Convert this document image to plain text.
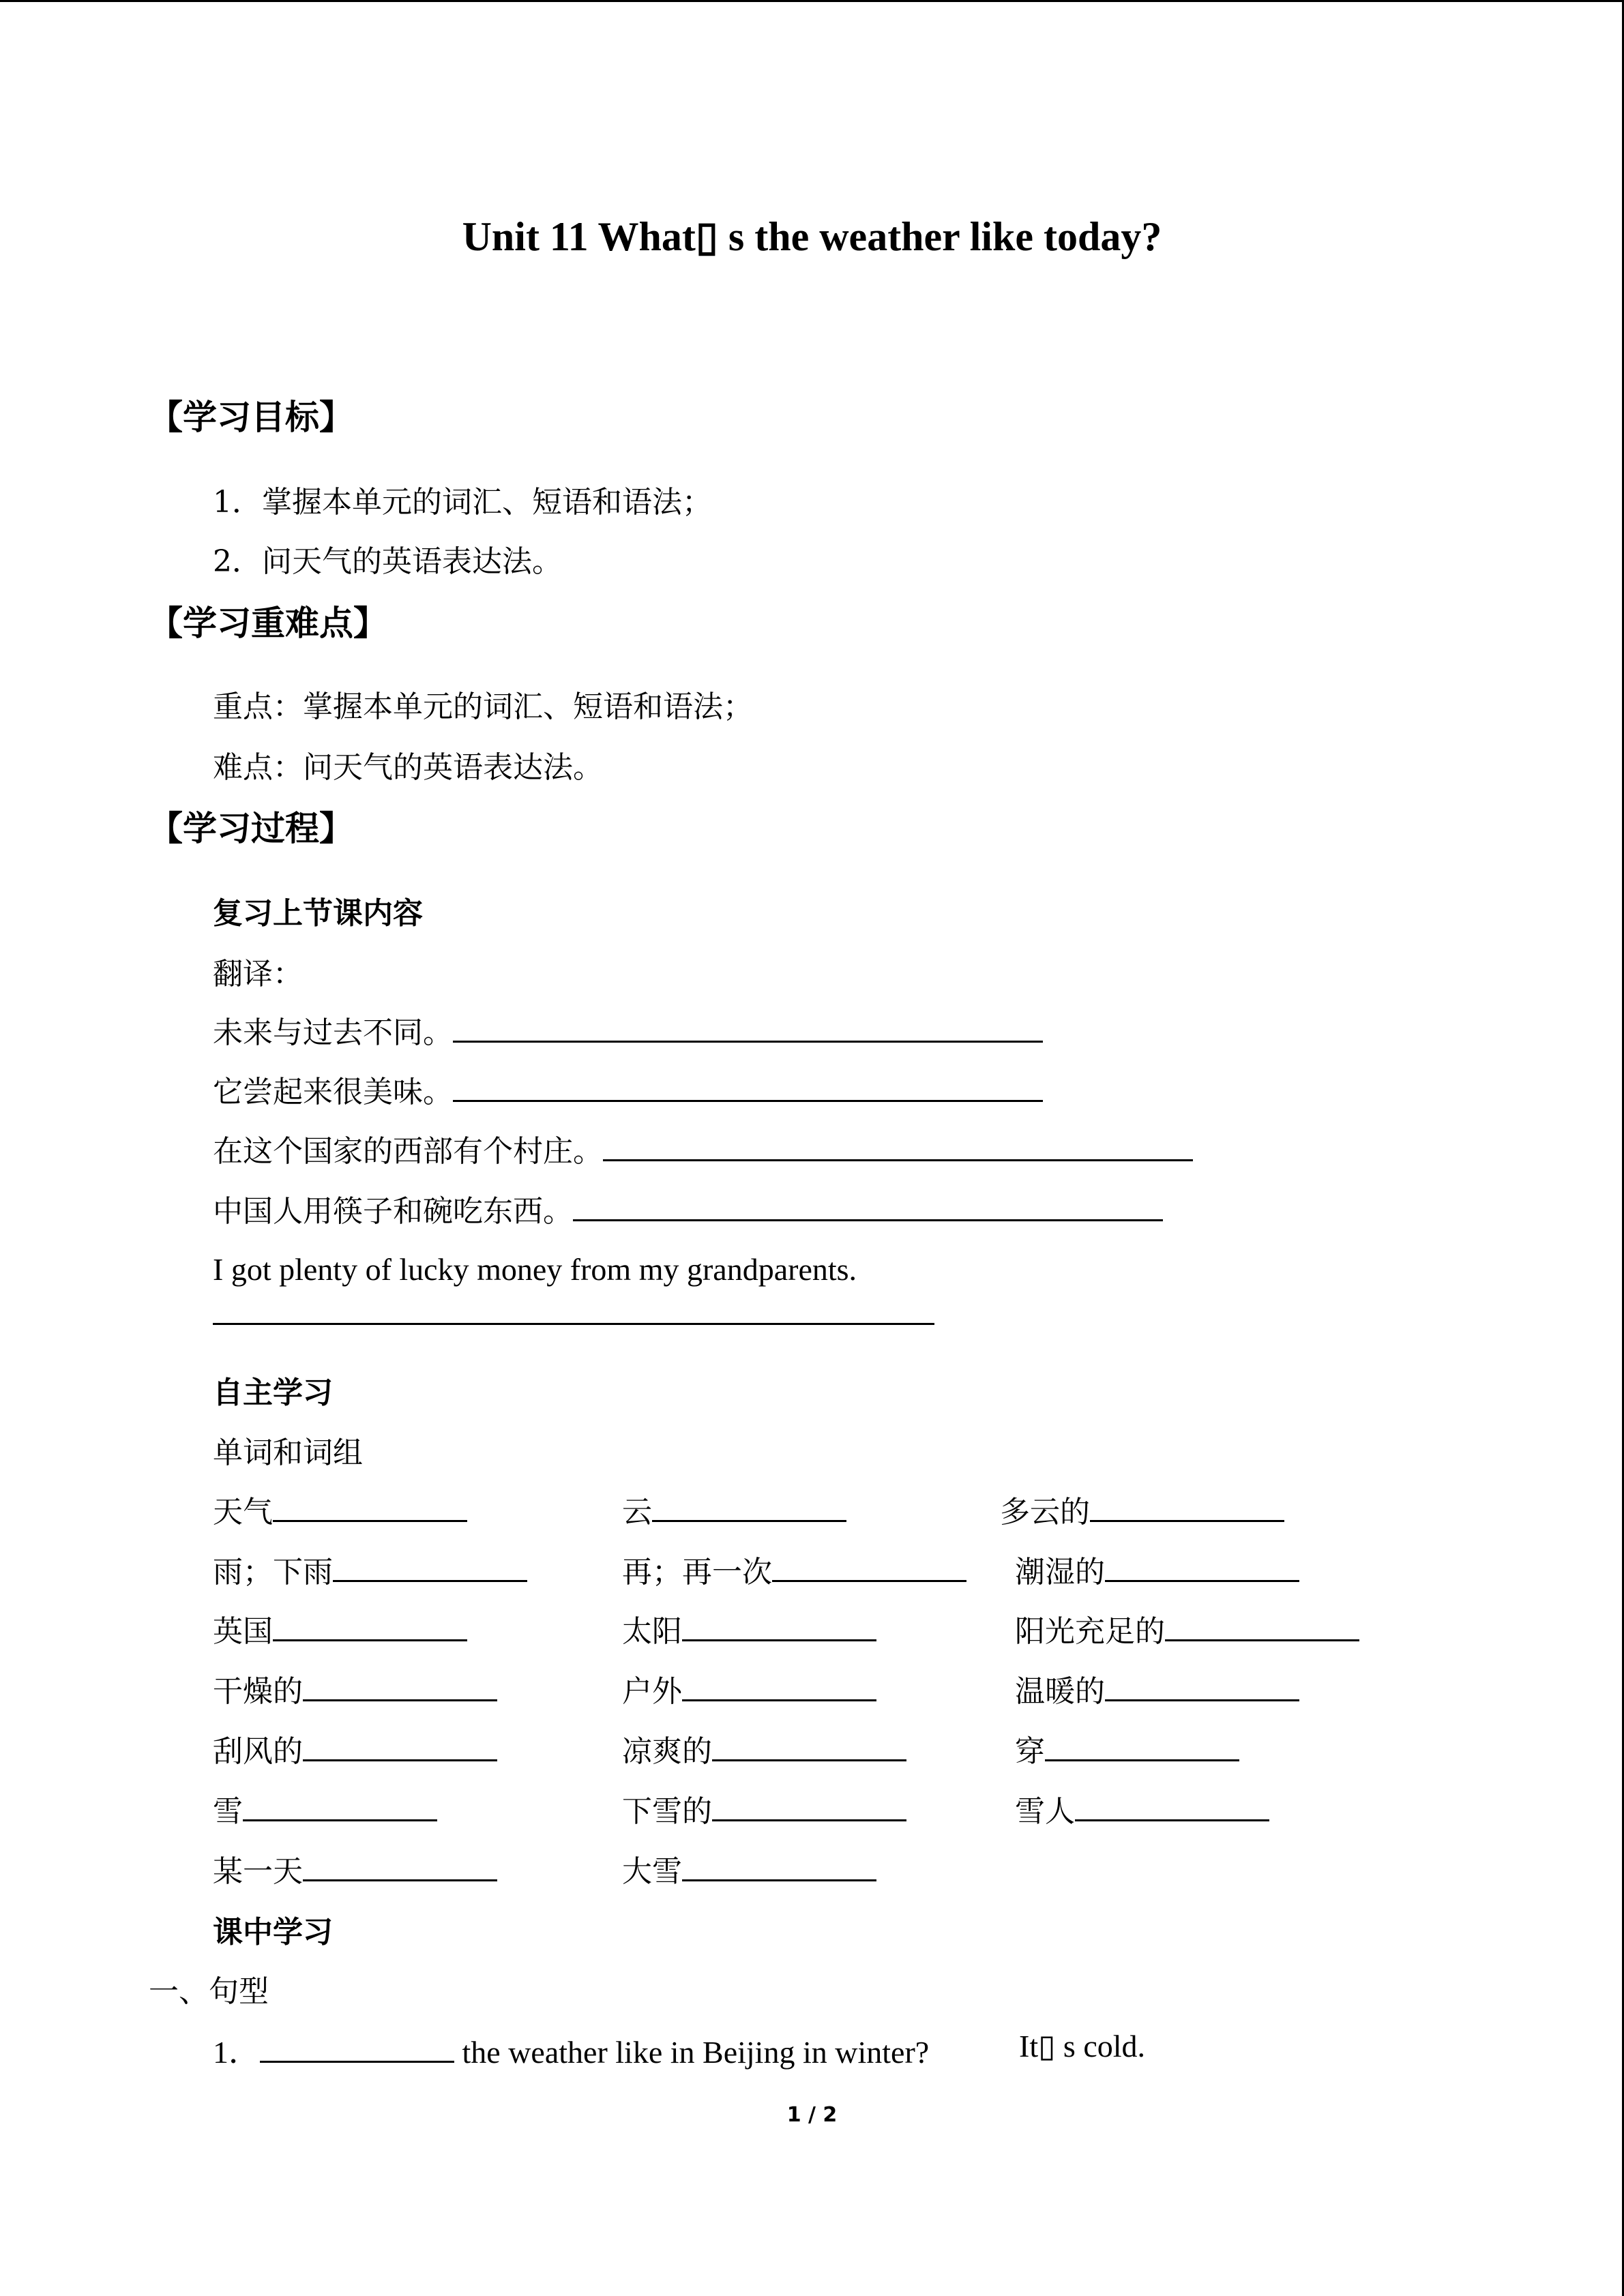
Unit 11 What▯ s the weather like today?
【学习目标】
1．掌握本单元的词汇、短语和语法；
2．问天气的英语表达法。
【学习重难点】
重点：掌握本单元的词汇、短语和语法；
难点：问天气的英语表达法。
【学习过程】
复习上节课内容
翻译：
未来与过去不同。
它尝起来很美味。
在这个国家的西部有个村庄。
中国人用筷子和碗吃东西。
I got plenty of lucky money from my grandparents.
自主学习
单词和词组
天气	云	多云的
雨；下雨	再；再一次	潮湿的
英国	太阳	阳光充足的
干燥的	户外	温暖的
刮风的	凉爽的	穿
雪	下雪的	雪人
某一天	大雪
课中学习
一、句型
1．	the weather like in Beijing in winter?	It▯ s cold.
1 / 2
